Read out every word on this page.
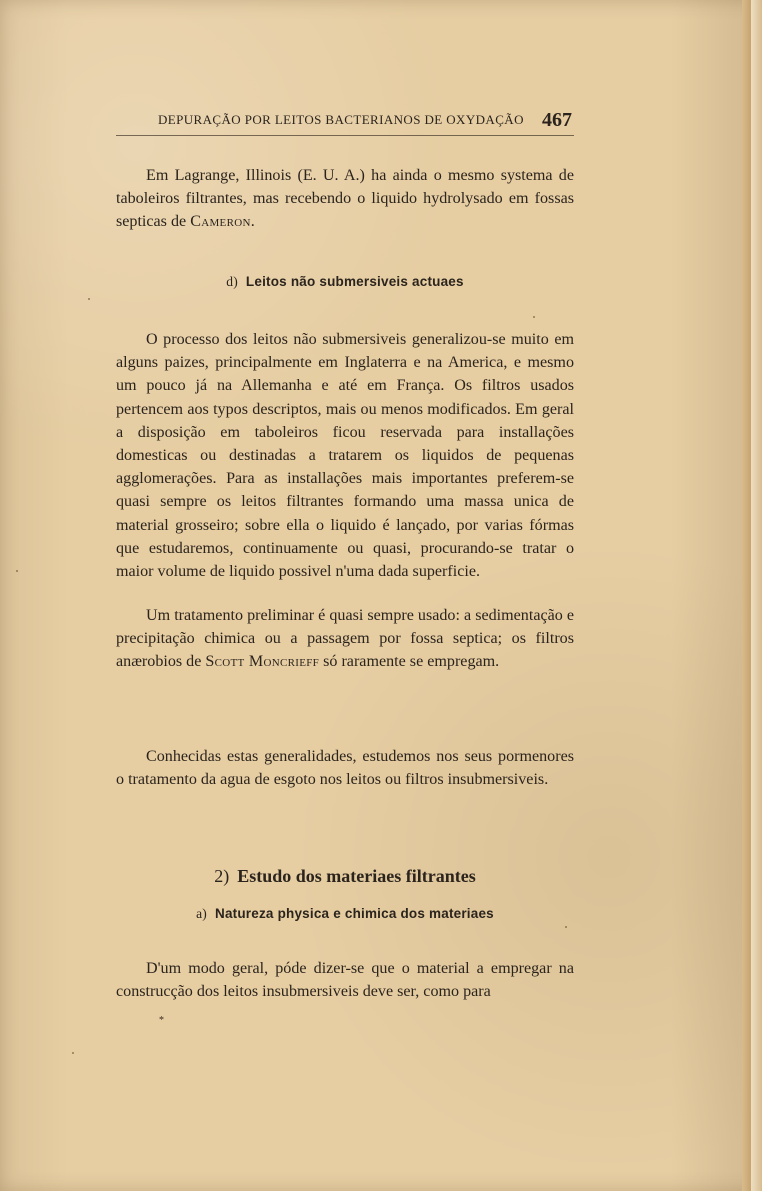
DEPURAÇÃO POR LEITOS BACTERIANOS DE OXYDAÇÃO 467

Em Lagrange, Illinois (E. U. A.) ha ainda o mesmo systema de taboleiros filtrantes, mas recebendo o liquido hydrolysado em fossas septicas de Cameron.

d) Leitos não submersiveis actuaes

O processo dos leitos não submersiveis generalizou-se muito em alguns paizes, principalmente em Inglaterra e na America, e mesmo um pouco já na Allemanha e até em França. Os filtros usados pertencem aos typos descriptos, mais ou menos modificados. Em geral a disposição em taboleiros ficou reservada para installações domesticas ou destinadas a tratarem os liquidos de pequenas agglomerações. Para as installações mais importantes preferem-se quasi sempre os leitos filtrantes formando uma massa unica de material grosseiro; sobre ella o liquido é lançado, por varias fórmas que estudaremos, continuamente ou quasi, procurando-se tratar o maior volume de liquido possivel n'uma dada superficie.

Um tratamento preliminar é quasi sempre usado: a sedimentação e precipitação chimica ou a passagem por fossa septica; os filtros anærobios de Scott Moncrieff só raramente se empregam.

Conhecidas estas generalidades, estudemos nos seus pormenores o tratamento da agua de esgoto nos leitos ou filtros insubmersiveis.

2) Estudo dos materiaes filtrantes
a) Natureza physica e chimica dos materiaes

D'um modo geral, póde dizer-se que o material a empregar na construcção dos leitos insubmersiveis deve ser, como para

*
